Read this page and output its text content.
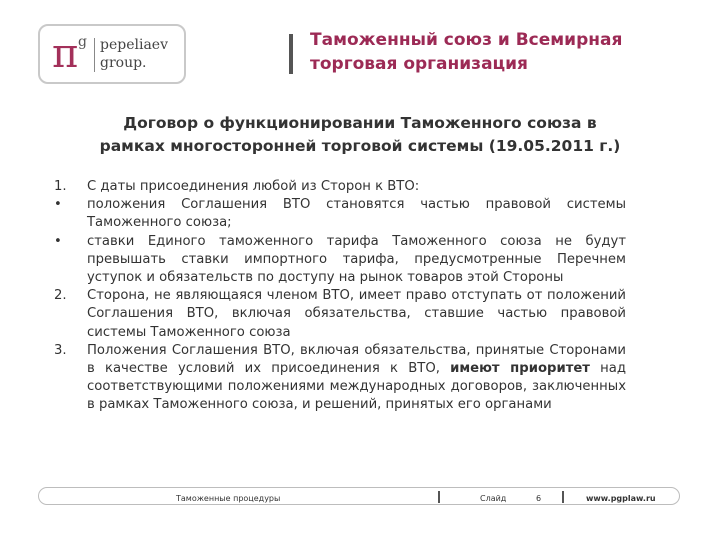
π g pepeliaev
group.
Таможенный союз и Всемирная
торговая организация
Договор о функционировании Таможенного союза в
рамках многосторонней торговой системы (19.05.2011 г.)
1. С даты присоединения любой из Сторон к ВТО:
• положения Соглашения ВТО становятся частью правовой системы Таможенного союза;
• ставки Единого таможенного тарифа Таможенного союза не будут превышать ставки импортного тарифа, предусмотренные Перечнем уступок и обязательств по доступу на рынок товаров этой Стороны
2. Сторона, не являющаяся членом ВТО, имеет право отступать от положений Соглашения ВТО, включая обязательства, ставшие частью правовой системы Таможенного союза
3. Положения Соглашения ВТО, включая обязательства, принятые Сторонами в качестве условий их присоединения к ВТО, имеют приоритет над соответствующими положениями международных договоров, заключенных в рамках Таможенного союза, и решений, принятых его органами
Таможенные процедуры	Слайд	6	www.pgplaw.ru
